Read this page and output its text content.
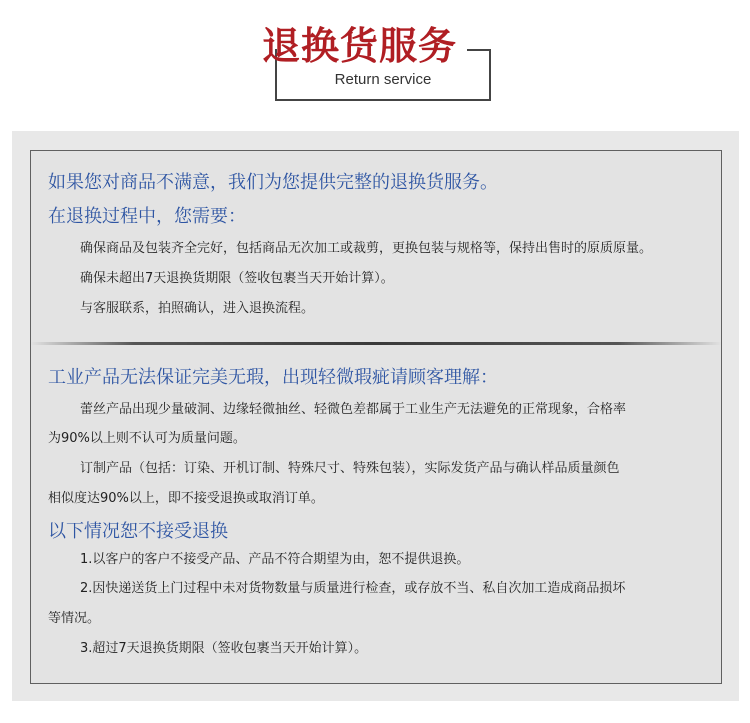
退换货服务
Return service
如果您对商品不满意，我们为您提供完整的退换货服务。
在退换过程中，您需要：
确保商品及包装齐全完好，包括商品无次加工或裁剪，更换包装与规格等，保持出售时的原质原量。
确保未超出7天退换货期限（签收包裹当天开始计算）。
与客服联系，拍照确认，进入退换流程。
工业产品无法保证完美无瑕，出现轻微瑕疵请顾客理解：
蕾丝产品出现少量破洞、边缘轻微抽丝、轻微色差都属于工业生产无法避免的正常现象，合格率
为90%以上则不认可为质量问题。
订制产品（包括：订染、开机订制、特殊尺寸、特殊包装），实际发货产品与确认样品质量颜色
相似度达90%以上，即不接受退换或取消订单。
以下情况恕不接受退换
1.以客户的客户不接受产品、产品不符合期望为由，恕不提供退换。
2.因快递送货上门过程中未对货物数量与质量进行检查，或存放不当、私自次加工造成商品损坏
等情况。
3.超过7天退换货期限（签收包裹当天开始计算）。
